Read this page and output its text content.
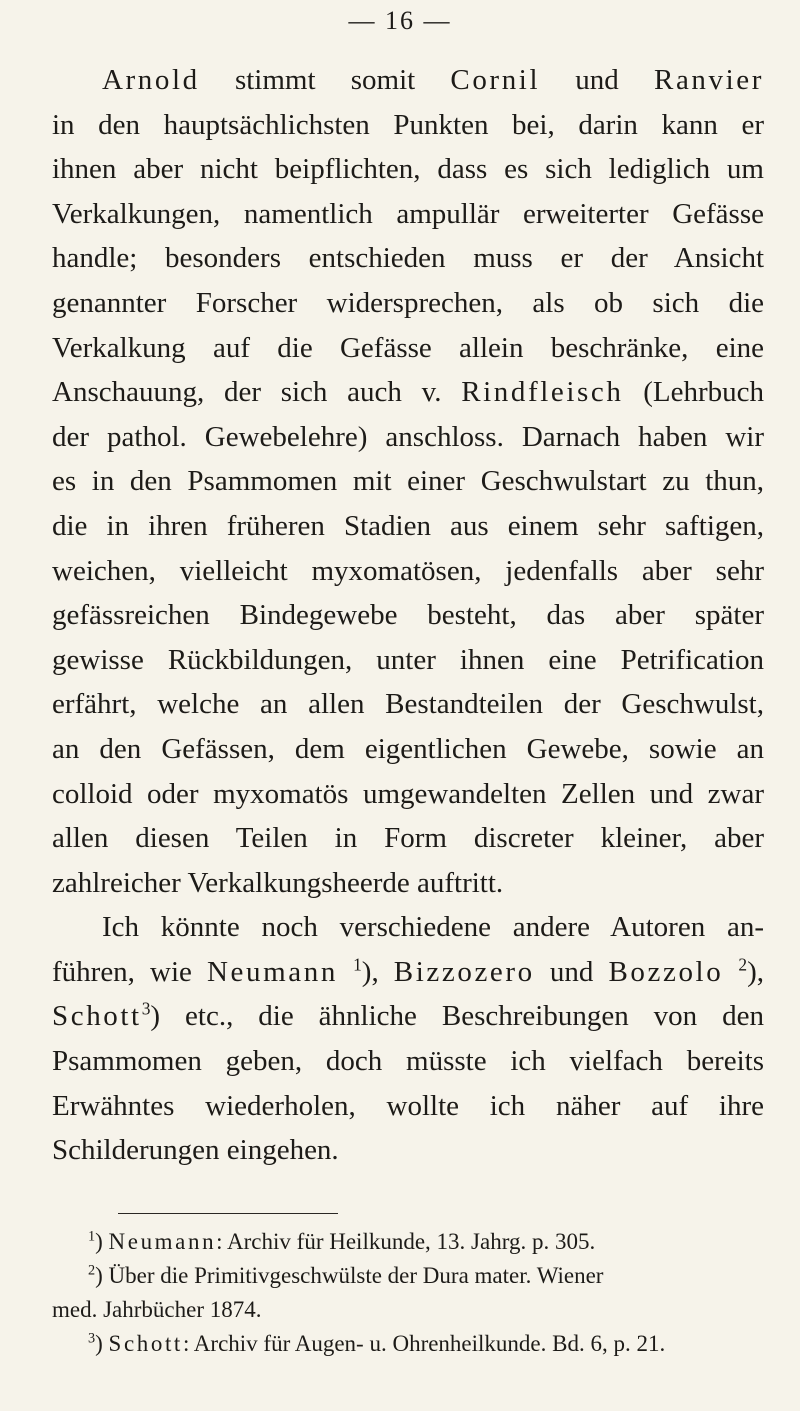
— 16 —
Arnold stimmt somit Cornil und Ranvier
in den hauptsächlichsten Punkten bei, darin kann er
ihnen aber nicht beipflichten, dass es sich lediglich um
Verkalkungen, namentlich ampullär erweiterter Gefässe
handle; besonders entschieden muss er der Ansicht
genannter Forscher widersprechen, als ob sich die
Verkalkung auf die Gefässe allein beschränke, eine
Anschauung, der sich auch v. Rindfleisch (Lehrbuch
der pathol. Gewebelehre) anschloss. Darnach haben wir
es in den Psammomen mit einer Geschwulstart zu thun,
die in ihren früheren Stadien aus einem sehr saftigen,
weichen, vielleicht myxomatösen, jedenfalls aber sehr
gefässreichen Bindegewebe besteht, das aber später
gewisse Rückbildungen, unter ihnen eine Petrification
erfährt, welche an allen Bestandteilen der Geschwulst,
an den Gefässen, dem eigentlichen Gewebe, sowie an
colloid oder myxomatös umgewandelten Zellen und zwar
allen diesen Teilen in Form discreter kleiner, aber
zahlreicher Verkalkungsheerde auftritt.
Ich könnte noch verschiedene andere Autoren an-
führen, wie Neumann $^1$), Bizzozero und Bozzolo $^2$),
Schott$^3$) etc., die ähnliche Beschreibungen von den
Psammomen geben, doch müsste ich vielfach bereits
Erwähntes wiederholen, wollte ich näher auf ihre
Schilderungen eingehen.
$^1$) Neumann: Archiv für Heilkunde, 13. Jahrg. p. 305.
$^2$) Über die Primitivgeschwülste der Dura mater. Wiener
med. Jahrbücher 1874.
$^3$) Schott: Archiv für Augen- u. Ohrenheilkunde. Bd. 6, p. 21.
